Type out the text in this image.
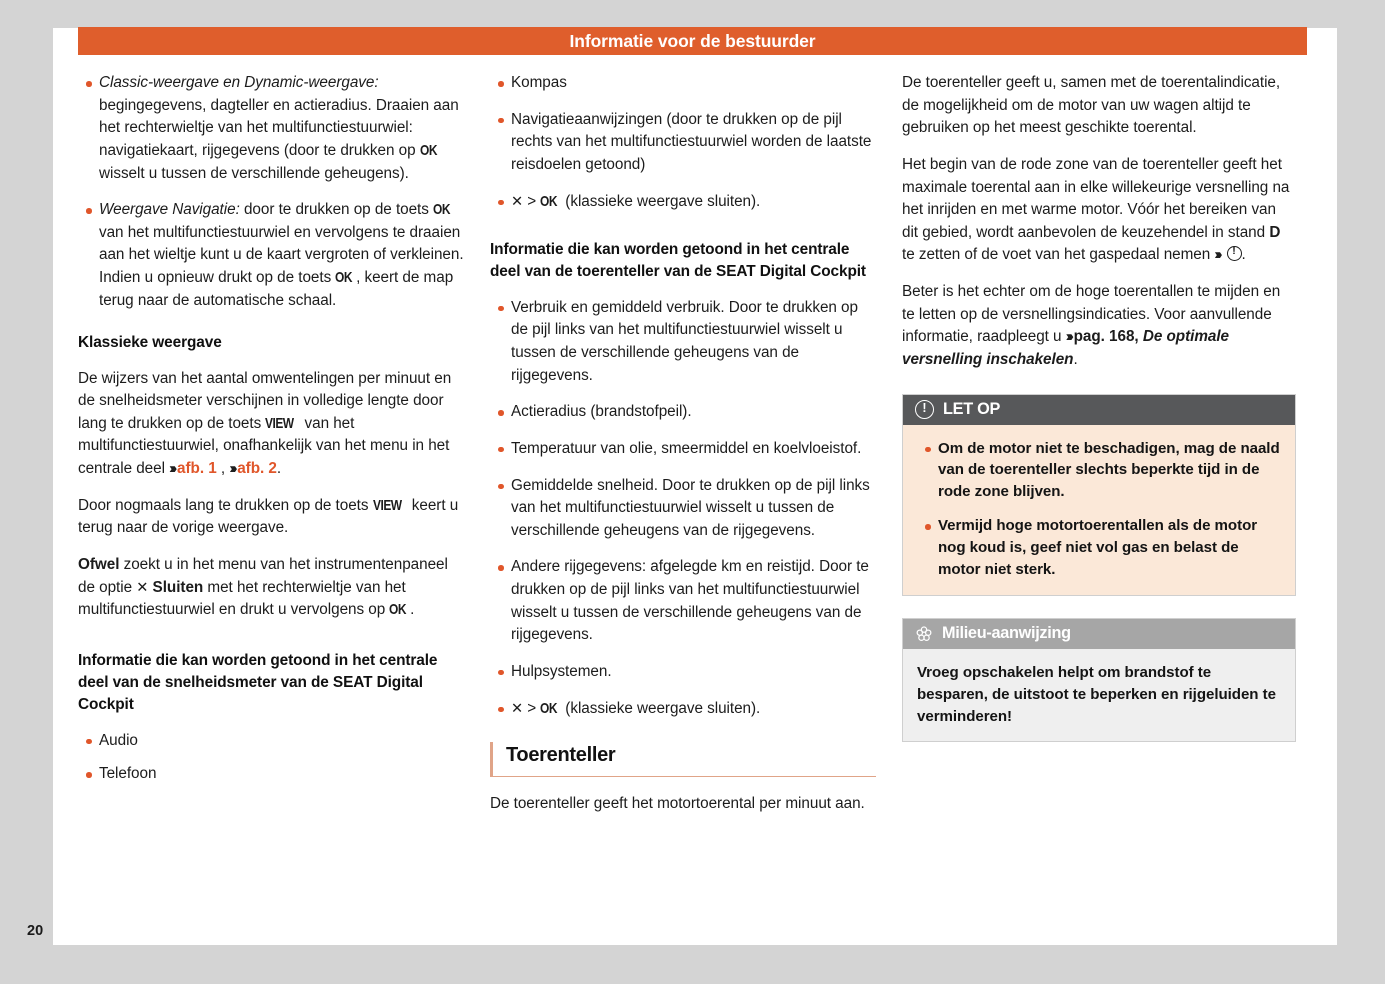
Informatie voor de bestuurder
20
Classic-weergave en Dynamic-weergave: begingegevens, dagteller en actieradius. Draaien aan het rechterwieltje van het multifunctiestuurwiel: navigatiekaart, rijgegevens (door te drukken op OK wisselt u tussen de verschillende geheugens).
Weergave Navigatie: door te drukken op de toets OK van het multifunctiestuurwiel en vervolgens te draaien aan het wieltje kunt u de kaart vergroten of verkleinen. Indien u opnieuw drukt op de toets OK , keert de map terug naar de automatische schaal.
Klassieke weergave

De wijzers van het aantal omwentelingen per minuut en de snelheidsmeter verschijnen in volledige lengte door lang te drukken op de toets VIEW van het multifunctiestuurwiel, onafhankelijk van het menu in het centrale deel ››› afb. 1 , ››› afb. 2.

Door nogmaals lang te drukken op de toets VIEW keert u terug naar de vorige weergave.

Ofwel zoekt u in het menu van het instrumentenpaneel de optie ✕ Sluiten met het rechterwieltje van het multifunctiestuurwiel en drukt u vervolgens op OK .

Informatie die kan worden getoond in het centrale deel van de snelheidsmeter van de SEAT Digital Cockpit
Audio
Telefoon
Kompas
Navigatieaanwijzingen (door te drukken op de pijl rechts van het multifunctiestuurwiel worden de laatste reisdoelen getoond)
✕ > OK (klassieke weergave sluiten).
Informatie die kan worden getoond in het centrale deel van de toerenteller van de SEAT Digital Cockpit
Verbruik en gemiddeld verbruik. Door te drukken op de pijl links van het multifunctiestuurwiel wisselt u tussen de verschillende geheugens van de rijgegevens.
Actieradius (brandstofpeil).
Temperatuur van olie, smeermiddel en koelvloeistof.
Gemiddelde snelheid. Door te drukken op de pijl links van het multifunctiestuurwiel wisselt u tussen de verschillende geheugens van de rijgegevens.
Andere rijgegevens: afgelegde km en reistijd. Door te drukken op de pijl links van het multifunctiestuurwiel wisselt u tussen de verschillende geheugens van de rijgegevens.
Hulpsystemen.
✕ > OK (klassieke weergave sluiten).
Toerenteller

De toerenteller geeft het motortoerental per minuut aan.

De toerenteller geeft u, samen met de toerentalindicatie, de mogelijkheid om de motor van uw wagen altijd te gebruiken op het meest geschikte toerental.

Het begin van de rode zone van de toerenteller geeft het maximale toerental aan in elke willekeurige versnelling na het inrijden en met warme motor. Vóór het bereiken van dit gebied, wordt aanbevolen de keuzehendel in stand D te zetten of de voet van het gaspedaal nemen ››› ! .

Beter is het echter om de hoge toerentallen te mijden en te letten op de versnellingsindicaties. Voor aanvullende informatie, raadpleegt u ››› pag. 168, De optimale versnelling inschakelen.

!
LET OP
Om de motor niet te beschadigen, mag de naald van de toerenteller slechts beperkte tijd in de rode zone blijven.
Vermijd hoge motortoerentallen als de motor nog koud is, geef niet vol gas en belast de motor niet sterk.
Milieu-aanwijzing

Vroeg opschakelen helpt om brandstof te besparen, de uitstoot te beperken en rijgeluiden te verminderen!
